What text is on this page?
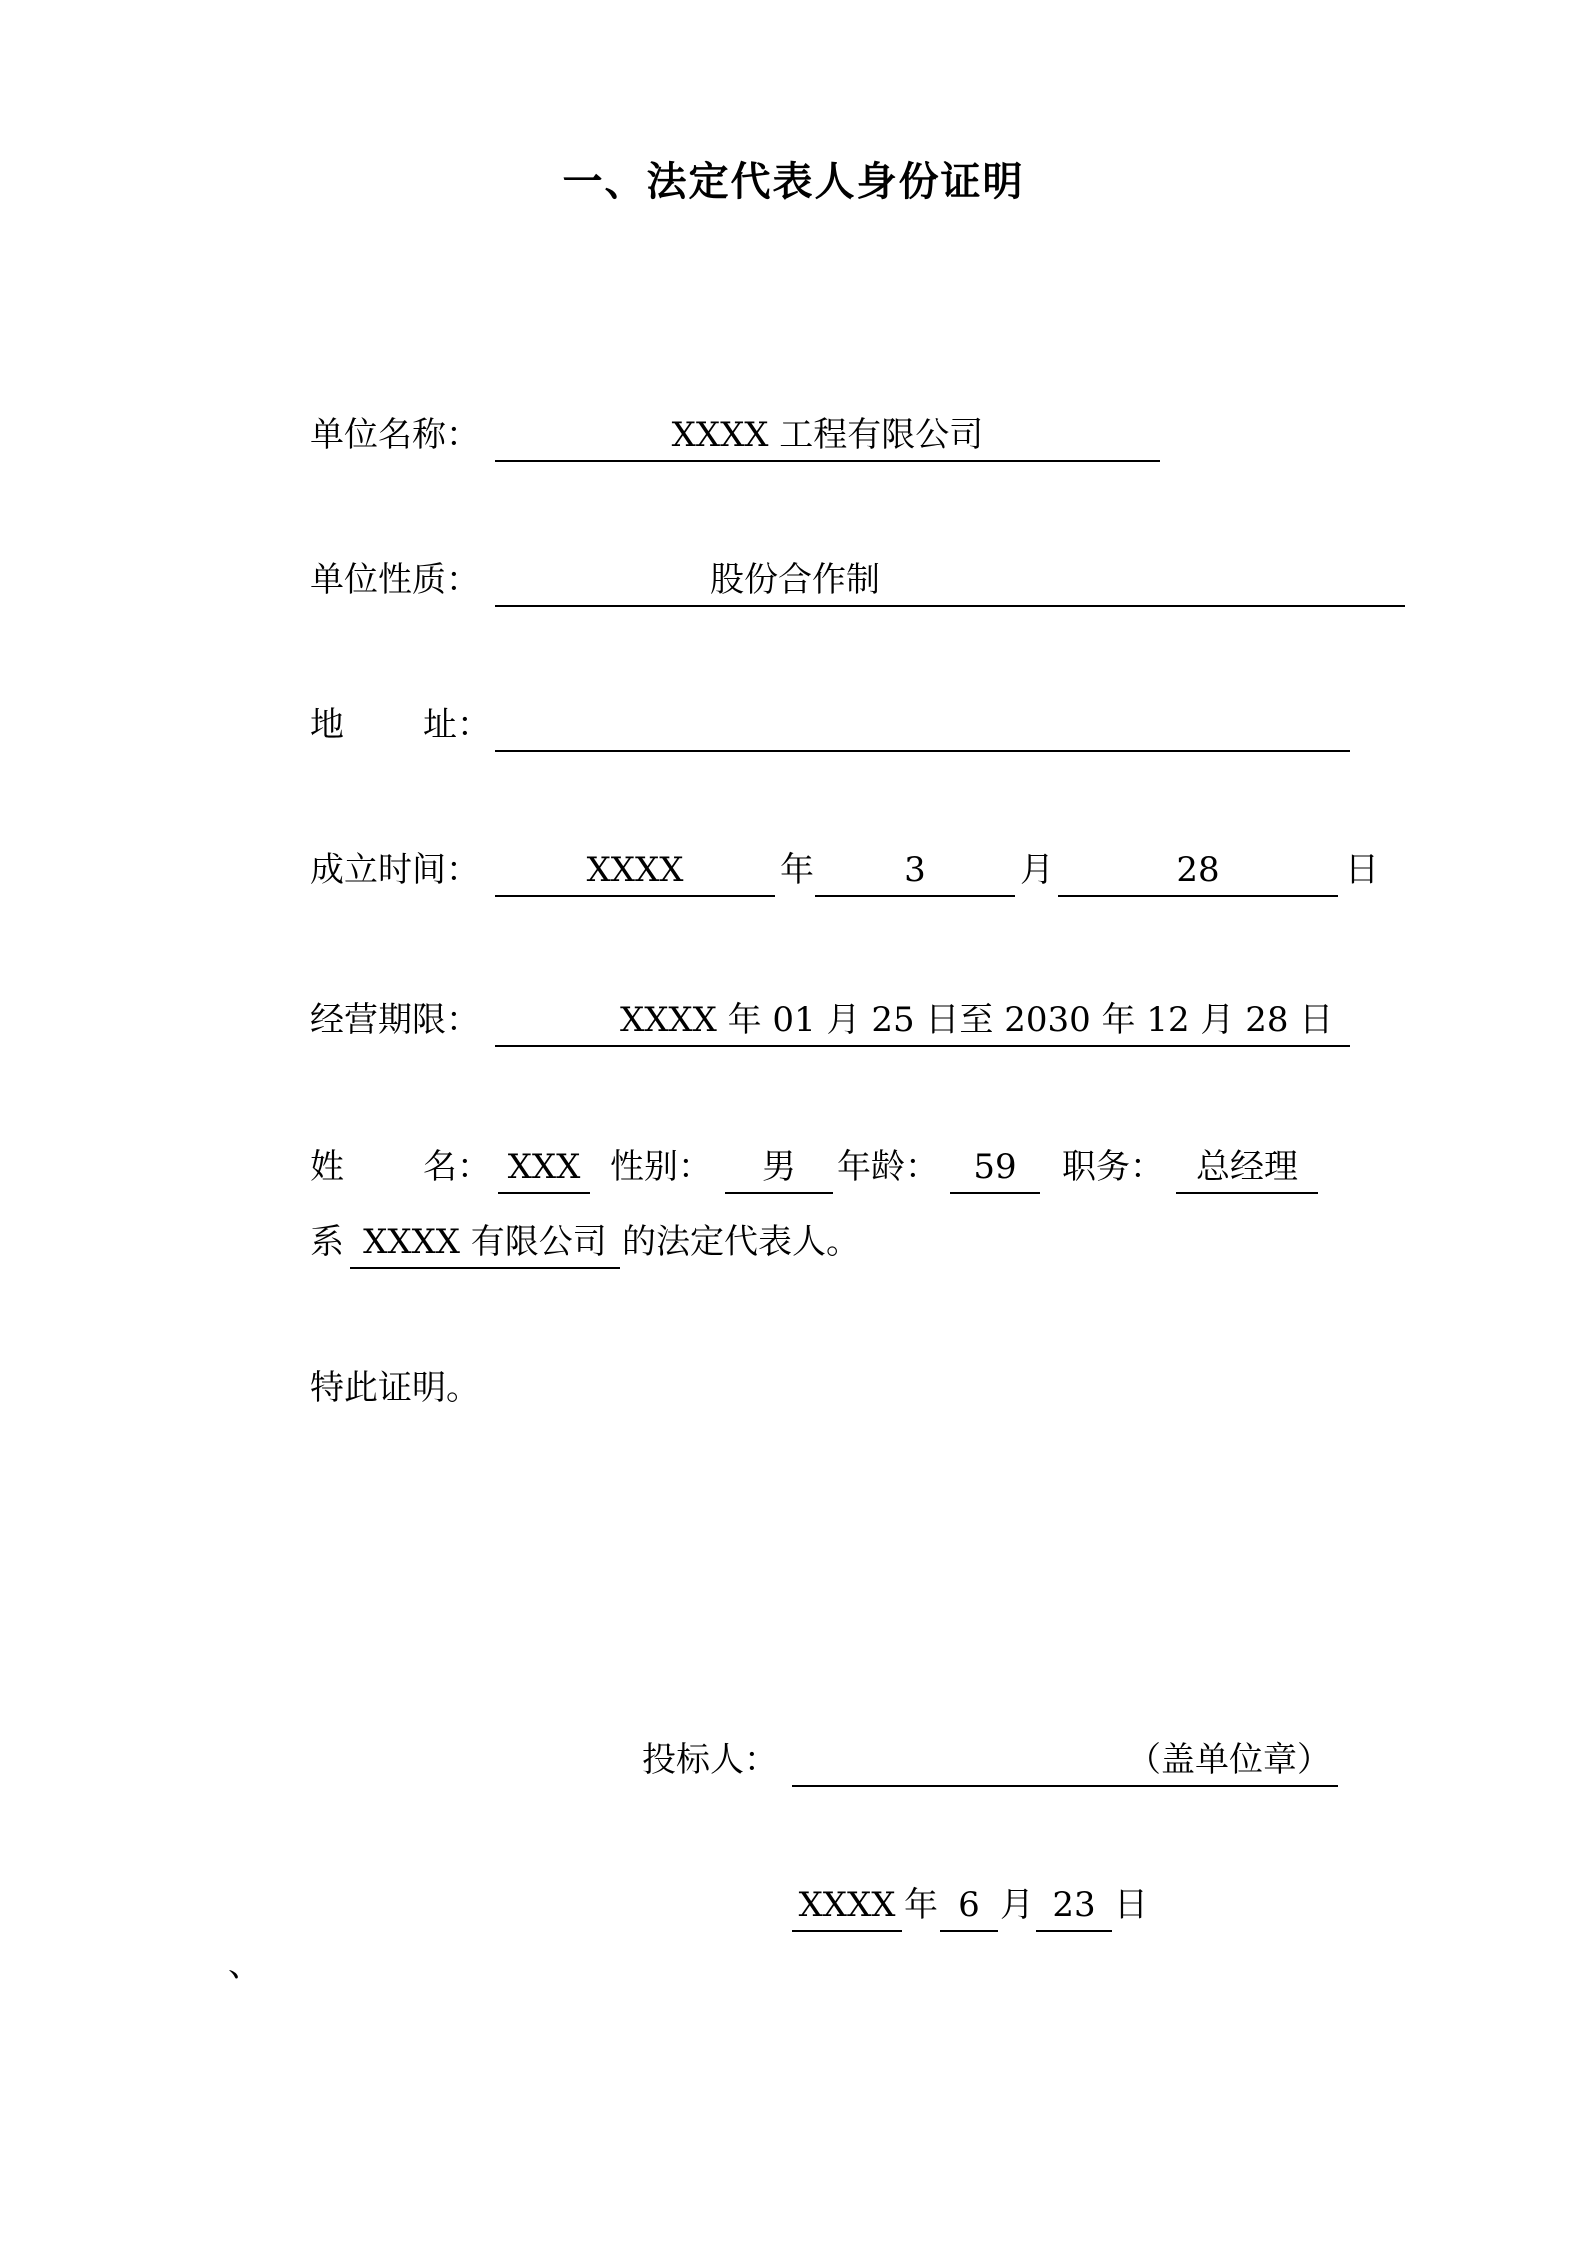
一、法定代表人身份证明
单位名称：	XXXX 工程有限公司
单位性质：	股份合作制
地 址：
成立时间：	XXXX	年	3	月	28	日
经营期限：	XXXX 年 01 月 25 日至 2030 年 12 月 28 日
姓 名： XXX 性别：	男	年龄：	59	职务： 总经理
系 XXXX 有限公司 的法定代表人。
特此证明。
投标人：	（盖单位章）
XXXX 年 6 月 23 日
、
